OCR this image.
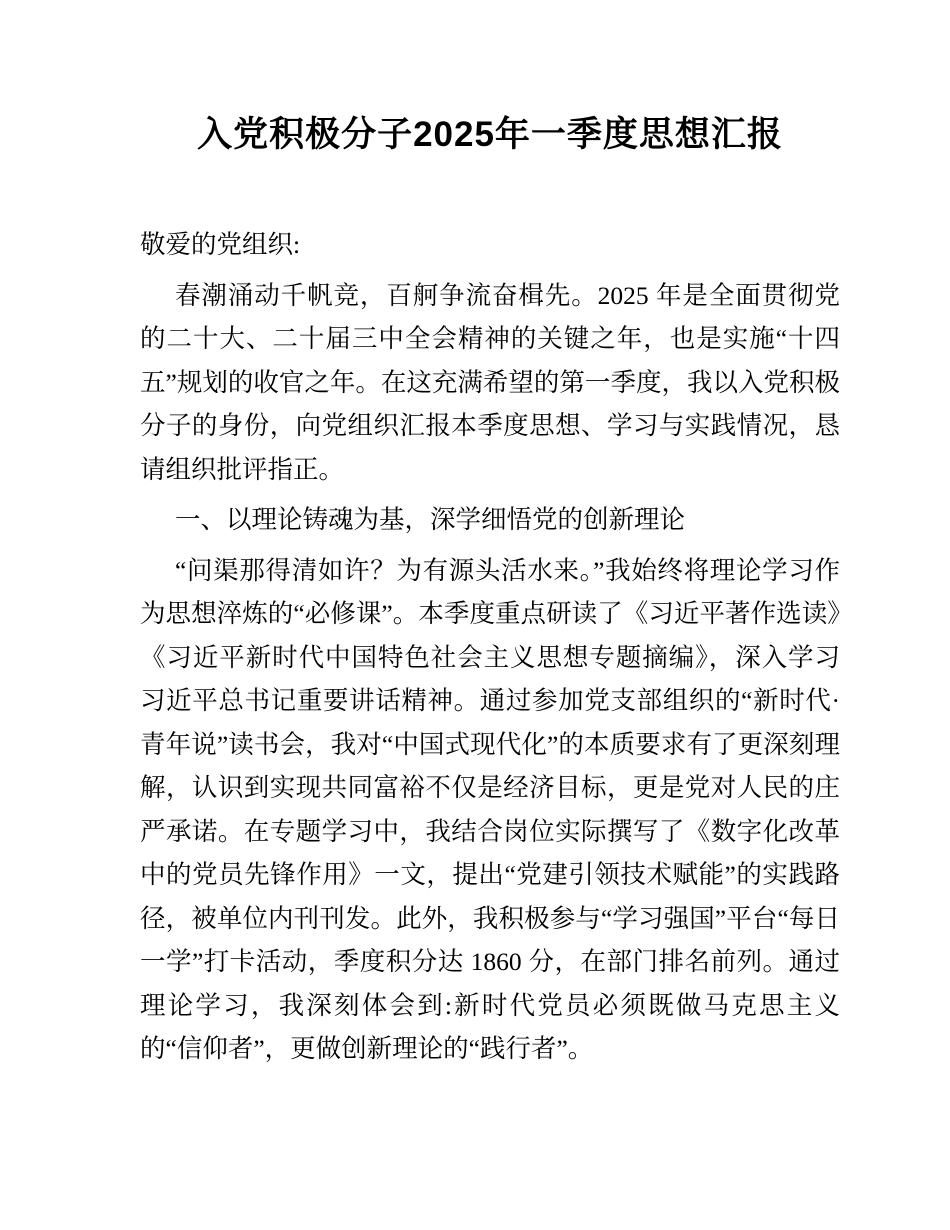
入党积极分子2025年一季度思想汇报

敬爱的党组织:

春潮涌动千帆竞，百舸争流奋楫先。2025 年是全面贯彻党的二十大、二十届三中全会精神的关键之年，也是实施“十四五”规划的收官之年。在这充满希望的第一季度，我以入党积极分子的身份，向党组织汇报本季度思想、学习与实践情况，恳请组织批评指正。

一、以理论铸魂为基，深学细悟党的创新理论

“问渠那得清如许？为有源头活水来。”我始终将理论学习作为思想淬炼的“必修课”。本季度重点研读了《习近平著作选读》《习近平新时代中国特色社会主义思想专题摘编》，深入学习习近平总书记重要讲话精神。通过参加党支部组织的“新时代·青年说”读书会，我对“中国式现代化”的本质要求有了更深刻理解，认识到实现共同富裕不仅是经济目标，更是党对人民的庄严承诺。在专题学习中，我结合岗位实际撰写了《数字化改革中的党员先锋作用》一文，提出“党建引领技术赋能”的实践路径，被单位内刊刊发。此外，我积极参与“学习强国”平台“每日一学”打卡活动，季度积分达 1860 分，在部门排名前列。通过理论学习，我深刻体会到:新时代党员必须既做马克思主义的“信仰者”，更做创新理论的“践行者”。
